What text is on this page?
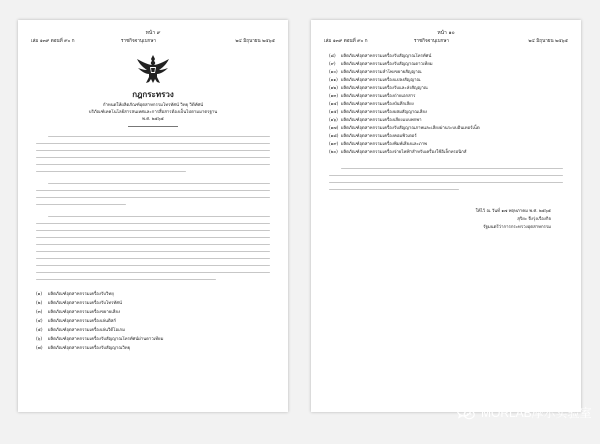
หน้า ๙
เล่ม ๑๓๙ ตอนที่ ๙๐ ก	ราชกิจจานุเบกษา	๒๔ มิถุนายน ๒๕๖๕
กฎกระทรวง
กำหนดให้ผลิตภัณฑ์อุตสาหกรรมโทรทัศน์ วิทยุ วิดีทัศน์
บริภัณฑ์เทคโนโลยีสารสนเทศและการสื่อสารต้องเป็นไปตามมาตรฐาน
พ.ศ. ๒๕๖๕
(๑) ผลิตภัณฑ์อุตสาหกรรมเครื่องรับวิทยุ
(๒) ผลิตภัณฑ์อุตสาหกรรมเครื่องรับโทรทัศน์
(๓) ผลิตภัณฑ์อุตสาหกรรมเครื่องขยายเสียง
(๔) ผลิตภัณฑ์อุตสาหกรรมเครื่องเล่นดิสก์
(๕) ผลิตภัณฑ์อุตสาหกรรมเครื่องเล่นวิดีโอเกม
(๖) ผลิตภัณฑ์อุตสาหกรรมเครื่องรับสัญญาณโทรทัศน์ผ่านดาวเทียม
(๗) ผลิตภัณฑ์อุตสาหกรรมเครื่องรับสัญญาณวิทยุ
หน้า ๑๐
เล่ม ๑๓๙ ตอนที่ ๙๐ ก	ราชกิจจานุเบกษา	๒๔ มิถุนายน ๒๕๖๕
(๘) ผลิตภัณฑ์อุตสาหกรรมเครื่องรับสัญญาณโทรทัศน์
(๙) ผลิตภัณฑ์อุตสาหกรรมเครื่องรับสัญญาณดาวเทียม
(๑๐) ผลิตภัณฑ์อุตสาหกรรมลำโพงขยายสัญญาณ
(๑๑) ผลิตภัณฑ์อุตสาหกรรมเครื่องแปลงสัญญาณ
(๑๒) ผลิตภัณฑ์อุตสาหกรรมเครื่องรับและส่งสัญญาณ
(๑๓) ผลิตภัณฑ์อุตสาหกรรมเครื่องถ่ายเอกสาร
(๑๔) ผลิตภัณฑ์อุตสาหกรรมเครื่องบันทึกเสียง
(๑๕) ผลิตภัณฑ์อุตสาหกรรมเครื่องผสมสัญญาณเสียง
(๑๖) ผลิตภัณฑ์อุตสาหกรรมเครื่องเสียงแบบพกพา
(๑๗) ผลิตภัณฑ์อุตสาหกรรมเครื่องรับสัญญาณภาพและเสียงผ่านระบบอินเทอร์เน็ต
(๑๘) ผลิตภัณฑ์อุตสาหกรรมเครื่องคอมพิวเตอร์
(๑๙) ผลิตภัณฑ์อุตสาหกรรมเครื่องพิมพ์เสียงและภาพ
(๒๐) ผลิตภัณฑ์อุตสาหกรรมเครื่องจ่ายไฟฟ้าสำหรับเครื่องใช้อิเล็กทรอนิกส์
ให้ไว้ ณ วันที่ ๑๗ พฤษภาคม พ.ศ. ๒๕๖๕
สุริยะ จึงรุ่งเรืองกิจ
รัฐมนตรีว่าการกระทรวงอุตสาหกรรม
MORLAB摩尔实验室
